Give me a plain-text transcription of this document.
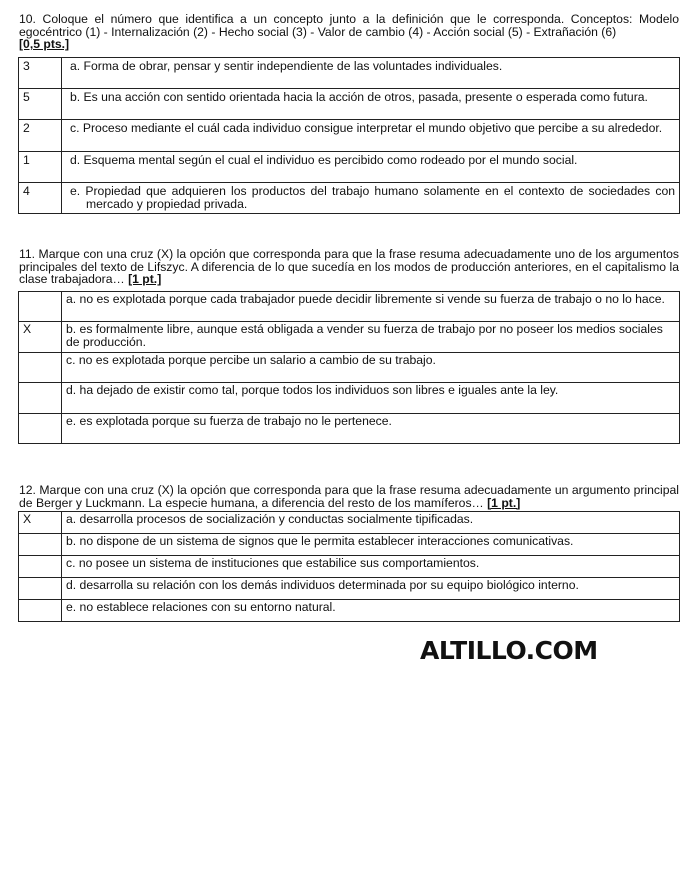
10. Coloque el número que identifica a un concepto junto a la definición que le corresponda. Conceptos: Modelo egocéntrico (1) - Internalización (2) - Hecho social (3) - Valor de cambio (4) - Acción social (5) - Extrañación (6)
[0,5 pts.]
3	a. Forma de obrar, pensar y sentir independiente de las voluntades individuales.

5	b. Es una acción con sentido orientada hacia la acción de otros, pasada, presente o esperada como futura.

2	c. Proceso mediante el cuál cada individuo consigue interpretar el mundo objetivo que percibe a su alrededor.

1	d. Esquema mental según el cual el individuo es percibido como rodeado por el mundo social.

4	e. Propiedad que adquieren los productos del trabajo humano solamente en el contexto de sociedades con mercado y propiedad privada.
11. Marque con una cruz (X) la opción que corresponda para que la frase resuma adecuadamente uno de los argumentos principales del texto de Lifszyc. A diferencia de lo que sucedía en los modos de producción anteriores, en el capitalismo la clase trabajadora… [1 pt.]
	a. no es explotada porque cada trabajador puede decidir libremente si vende su fuerza de trabajo o no lo hace.
X	b. es formalmente libre, aunque está obligada a vender su fuerza de trabajo por no poseer los medios sociales de producción.
	c. no es explotada porque percibe un salario a cambio de su trabajo.
	d. ha dejado de existir como tal, porque todos los individuos son libres e iguales ante la ley.
	e. es explotada porque su fuerza de trabajo no le pertenece.
12. Marque con una cruz (X) la opción que corresponda para que la frase resuma adecuadamente un argumento principal de Berger y Luckmann. La especie humana, a diferencia del resto de los mamíferos… [1 pt.]
X	a. desarrolla procesos de socialización y conductas socialmente tipificadas.
	b. no dispone de un sistema de signos que le permita establecer interacciones comunicativas.
	c. no posee un sistema de instituciones que estabilice sus comportamientos.
	d. desarrolla su relación con los demás individuos determinada por su equipo biológico interno.
	e. no establece relaciones con su entorno natural.
ALTILLO.COM
